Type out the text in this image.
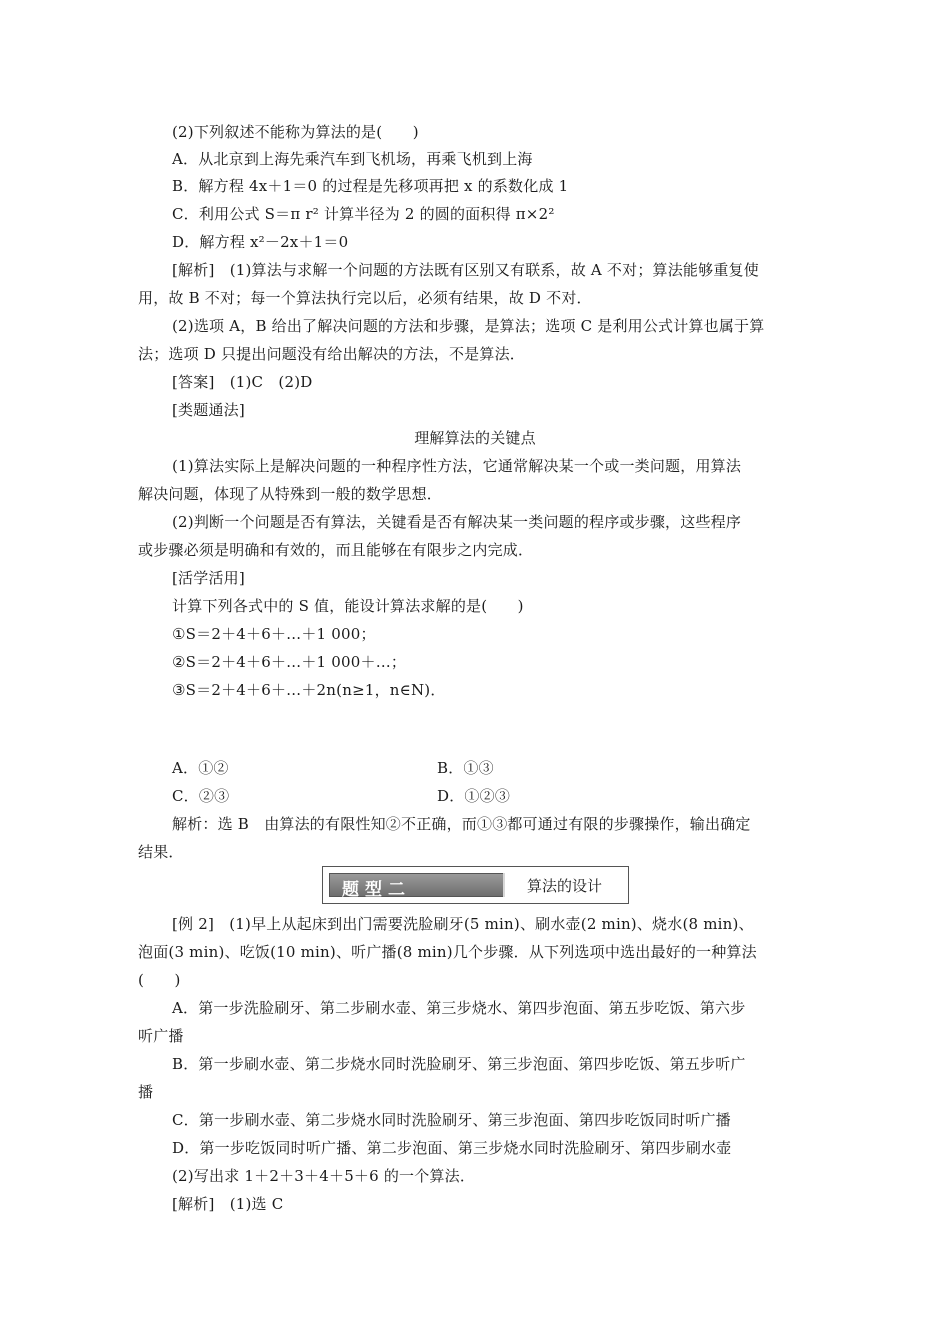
(2)下列叙述不能称为算法的是(　　)
A．从北京到上海先乘汽车到飞机场，再乘飞机到上海
B．解方程 4x＋1＝0 的过程是先移项再把 x 的系数化成 1
C．利用公式 S＝π r² 计算半径为 2 的圆的面积得 π×2²
D．解方程 x²－2x＋1＝0
[解析]　(1)算法与求解一个问题的方法既有区别又有联系，故 A 不对；算法能够重复使
用，故 B 不对；每一个算法执行完以后，必须有结果，故 D 不对．
(2)选项 A，B 给出了解决问题的方法和步骤，是算法；选项 C 是利用公式计算也属于算
法；选项 D 只提出问题没有给出解决的方法，不是算法．
[答案]　(1)C　(2)D
[类题通法]
理解算法的关键点
(1)算法实际上是解决问题的一种程序性方法，它通常解决某一个或一类问题，用算法
解决问题，体现了从特殊到一般的数学思想．
(2)判断一个问题是否有算法，关键看是否有解决某一类问题的程序或步骤，这些程序
或步骤必须是明确和有效的，而且能够在有限步之内完成．
[活学活用]
计算下列各式中的 S 值，能设计算法求解的是(　　)
①S＝2＋4＋6＋…＋1 000；
②S＝2＋4＋6＋…＋1 000＋…；
③S＝2＋4＋6＋…＋2n(n≥1，n∈N)．
A．①②	B．①③
C．②③	D．①②③
解析：选 B　由算法的有限性知②不正确，而①③都可通过有限的步骤操作，输出确定
结果．
题型二	算法的设计
[例 2]　(1)早上从起床到出门需要洗脸刷牙(5 min)、刷水壶(2 min)、烧水(8 min)、
泡面(3 min)、吃饭(10 min)、听广播(8 min)几个步骤．从下列选项中选出最好的一种算法
(　　)
A．第一步洗脸刷牙、第二步刷水壶、第三步烧水、第四步泡面、第五步吃饭、第六步
听广播
B．第一步刷水壶、第二步烧水同时洗脸刷牙、第三步泡面、第四步吃饭、第五步听广
播
C．第一步刷水壶、第二步烧水同时洗脸刷牙、第三步泡面、第四步吃饭同时听广播
D．第一步吃饭同时听广播、第二步泡面、第三步烧水同时洗脸刷牙、第四步刷水壶
(2)写出求 1＋2＋3＋4＋5＋6 的一个算法．
[解析]　(1)选 C
